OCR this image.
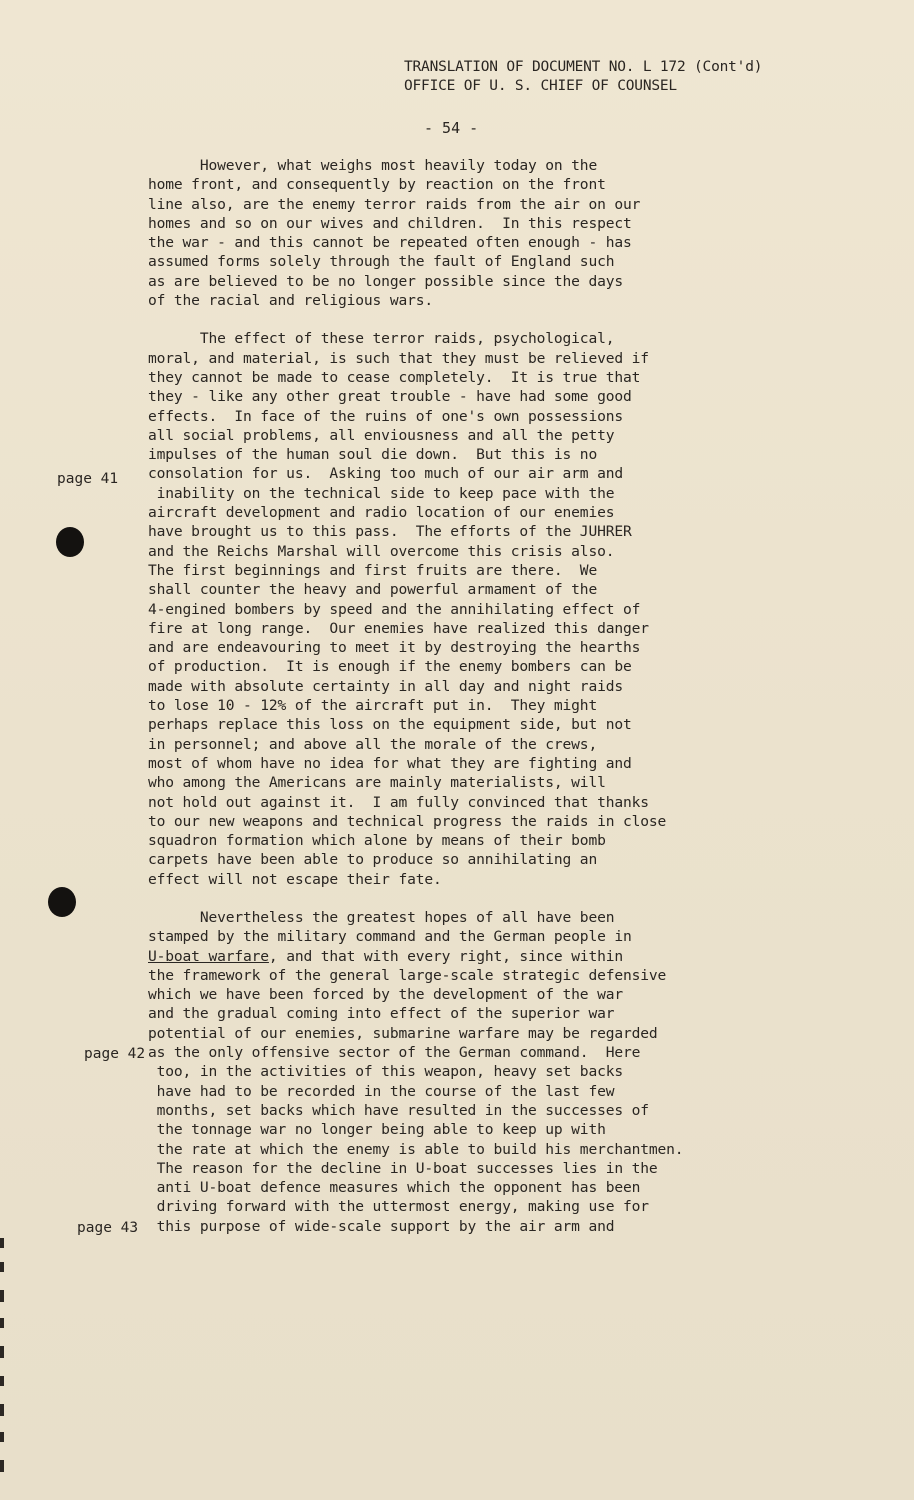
TRANSLATION OF DOCUMENT NO. L 172 (Cont'd)
OFFICE OF U. S. CHIEF OF COUNSEL
- 54 -
page 41
page 42
page 43
However, what weighs most heavily today on the
home front, and consequently by reaction on the front
line also, are the enemy terror raids from the air on our
homes and so on our wives and children.  In this respect
the war - and this cannot be repeated often enough - has
assumed forms solely through the fault of England such
as are believed to be no longer possible since the days
of the racial and religious wars.
The effect of these terror raids, psychological,
moral, and material, is such that they must be relieved if
they cannot be made to cease completely.  It is true that
they - like any other great trouble - have had some good
effects.  In face of the ruins of one's own possessions
all social problems, all enviousness and all the petty
impulses of the human soul die down.  But this is no
consolation for us.  Asking too much of our air arm and
inability on the technical side to keep pace with the
aircraft development and radio location of our enemies
have brought us to this pass.  The efforts of the JUHRER
and the Reichs Marshal will overcome this crisis also.
The first beginnings and first fruits are there.  We
shall counter the heavy and powerful armament of the
4-engined bombers by speed and the annihilating effect of
fire at long range.  Our enemies have realized this danger
and are endeavouring to meet it by destroying the hearths
of production.  It is enough if the enemy bombers can be
made with absolute certainty in all day and night raids
to lose 10 - 12% of the aircraft put in.  They might
perhaps replace this loss on the equipment side, but not
in personnel; and above all the morale of the crews,
most of whom have no idea for what they are fighting and
who among the Americans are mainly materialists, will
not hold out against it.  I am fully convinced that thanks
to our new weapons and technical progress the raids in close
squadron formation which alone by means of their bomb
carpets have been able to produce so annihilating an
effect will not escape their fate.
Nevertheless the greatest hopes of all have been
stamped by the military command and the German people in
U-boat warfare, and that with every right, since within
the framework of the general large-scale strategic defensive
which we have been forced by the development of the war
and the gradual coming into effect of the superior war
potential of our enemies, submarine warfare may be regarded
as the only offensive sector of the German command.  Here
too, in the activities of this weapon, heavy set backs
have had to be recorded in the course of the last few
months, set backs which have resulted in the successes of
the tonnage war no longer being able to keep up with
the rate at which the enemy is able to build his merchantmen.
The reason for the decline in U-boat successes lies in the
anti U-boat defence measures which the opponent has been
driving forward with the uttermost energy, making use for
this purpose of wide-scale support by the air arm and
